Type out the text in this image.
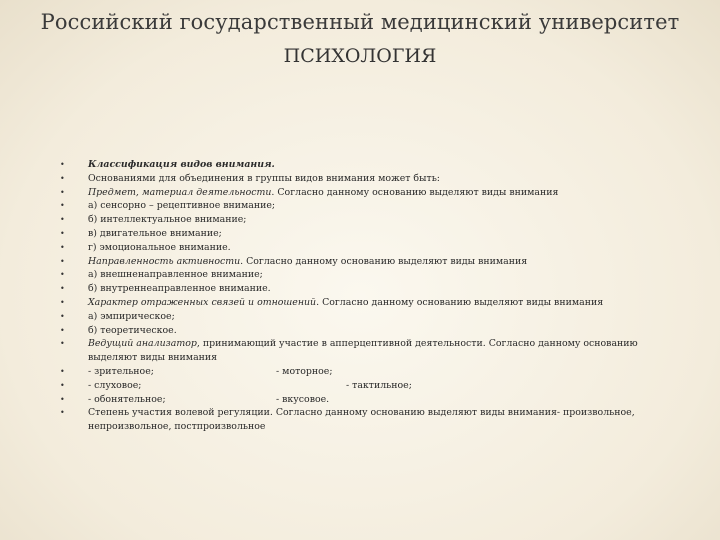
Российский государственный медицинский университет
ПСИХОЛОГИЯ
• Классификация видов внимания.
• Основаниями для объединения в группы видов внимания может быть:
• Предмет, материал деятельности. Согласно данному основанию выделяют виды внимания
• а) сенсорно – рецептивное внимание;
• б) интеллектуальное внимание;
• в) двигательное внимание;
• г) эмоциональное внимание.
• Направленность активности. Согласно данному основанию выделяют виды внимания
• а) внешненаправленное внимание;
• б) внутреннеаправленное внимание.
• Характер отраженных связей и отношений. Согласно данному основанию выделяют виды внимания
• а) эмпирическое;
• б) теоретическое.
• Ведущий анализатор, принимающий участие в апперцептивной деятельности. Согласно данному основанию выделяют виды внимания
• - зрительное;	- моторное;

• - слуховое;	- тактильное;

• - обонятельное;	- вкусовое.

• Степень участия волевой регуляции. Согласно данному основанию выделяют виды внимания- произвольное, непроизвольное, постпроизвольное
